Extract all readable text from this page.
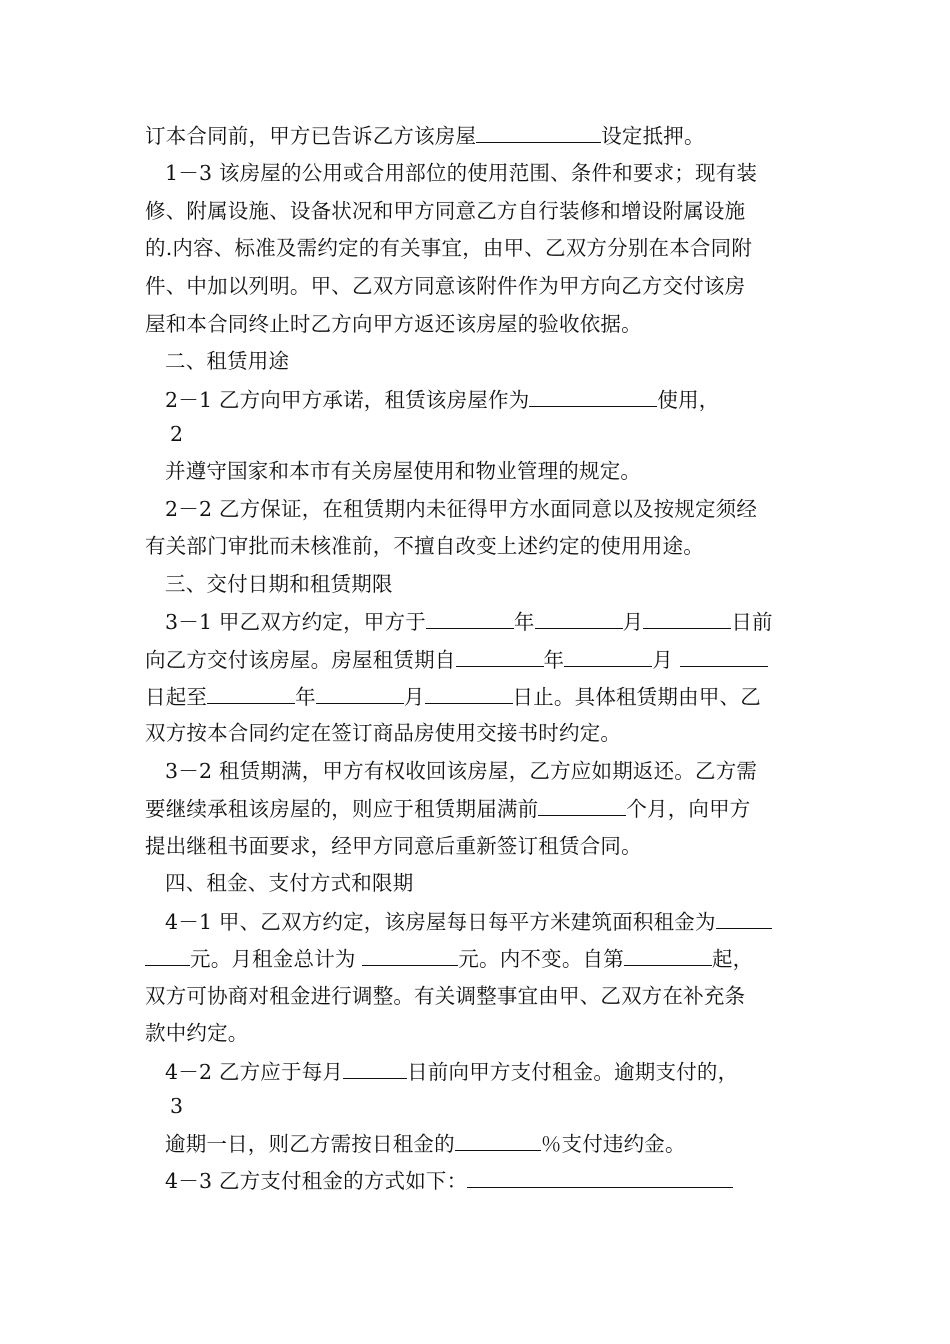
订本合同前，甲方已告诉乙方该房屋	设定抵押。
1－3 该房屋的公用或合用部位的使用范围、条件和要求；现有装
修、附属设施、设备状况和甲方同意乙方自行装修和增设附属设施
的.内容、标准及需约定的有关事宜，由甲、乙双方分别在本合同附
件、中加以列明。甲、乙双方同意该附件作为甲方向乙方交付该房
屋和本合同终止时乙方向甲方返还该房屋的验收依据。
二、租赁用途
2－1 乙方向甲方承诺，租赁该房屋作为	使用，
2
并遵守国家和本市有关房屋使用和物业管理的规定。
2－2 乙方保证，在租赁期内未征得甲方水面同意以及按规定须经
有关部门审批而未核准前，不擅自改变上述约定的使用用途。
三、交付日期和租赁期限
3－1 甲乙双方约定，甲方于	年	月	日前
向乙方交付该房屋。房屋租赁期自	年	月
日起至	年	月	日止。具体租赁期由甲、乙
双方按本合同约定在签订商品房使用交接书时约定。
3－2 租赁期满，甲方有权收回该房屋，乙方应如期返还。乙方需
要继续承租该房屋的，则应于租赁期届满前	个月，向甲方
提出继租书面要求，经甲方同意后重新签订租赁合同。
四、租金、支付方式和限期
4－1 甲、乙双方约定，该房屋每日每平方米建筑面积租金为
元。月租金总计为	元。内不变。自第	起，
双方可协商对租金进行调整。有关调整事宜由甲、乙双方在补充条
款中约定。
4－2 乙方应于每月	日前向甲方支付租金。逾期支付的，
3
逾期一日，则乙方需按日租金的	％支付违约金。
4－3 乙方支付租金的方式如下：
